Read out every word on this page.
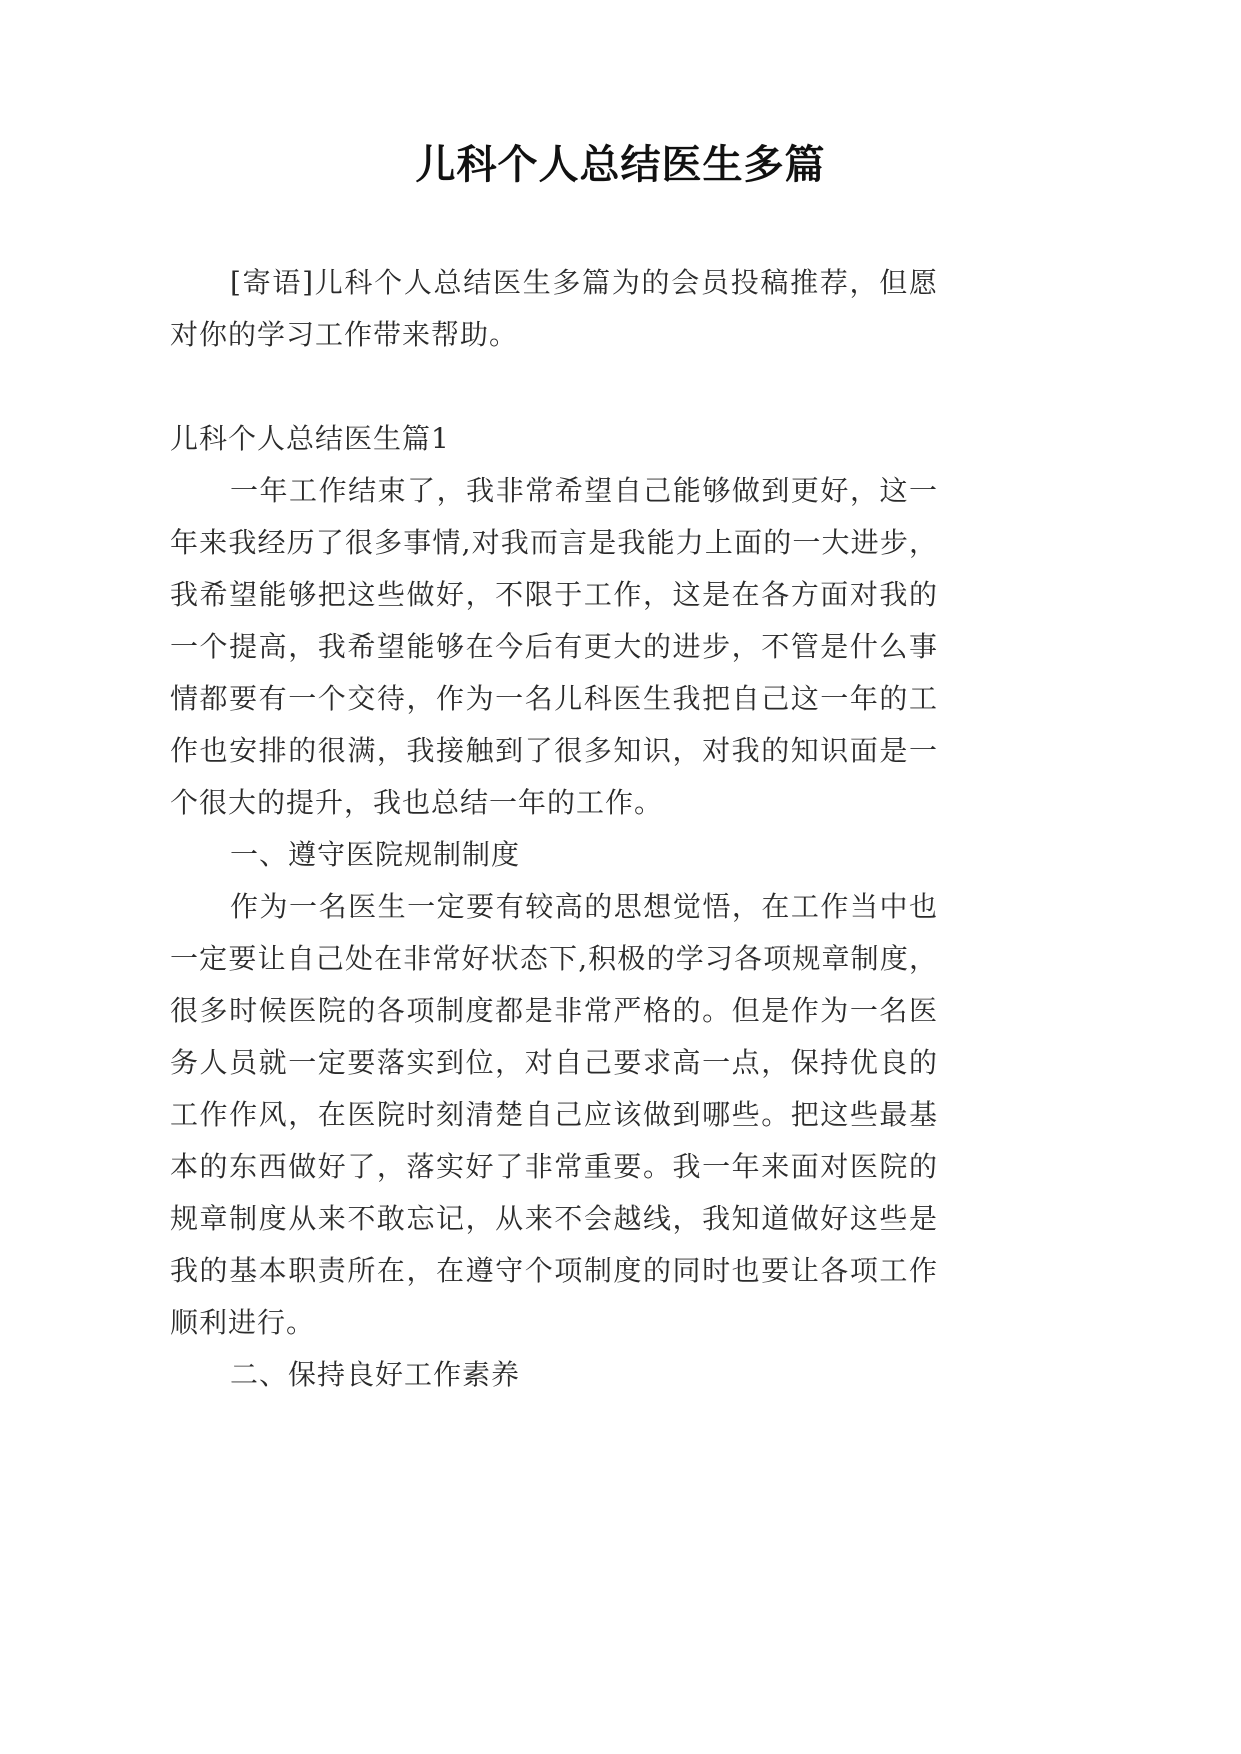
儿科个人总结医生多篇
[寄语]儿科个人总结医生多篇为的会员投稿推荐，但愿
对你的学习工作带来帮助。
儿科个人总结医生篇1
一年工作结束了，我非常希望自己能够做到更好，这一
年来我经历了很多事情,对我而言是我能力上面的一大进步，
我希望能够把这些做好，不限于工作，这是在各方面对我的
一个提高，我希望能够在今后有更大的进步，不管是什么事
情都要有一个交待，作为一名儿科医生我把自己这一年的工
作也安排的很满，我接触到了很多知识，对我的知识面是一
个很大的提升，我也总结一年的工作。
一、遵守医院规制制度
作为一名医生一定要有较高的思想觉悟，在工作当中也
一定要让自己处在非常好状态下,积极的学习各项规章制度，
很多时候医院的各项制度都是非常严格的。但是作为一名医
务人员就一定要落实到位，对自己要求高一点，保持优良的
工作作风，在医院时刻清楚自己应该做到哪些。把这些最基
本的东西做好了，落实好了非常重要。我一年来面对医院的
规章制度从来不敢忘记，从来不会越线，我知道做好这些是
我的基本职责所在，在遵守个项制度的同时也要让各项工作
顺利进行。
二、保持良好工作素养
